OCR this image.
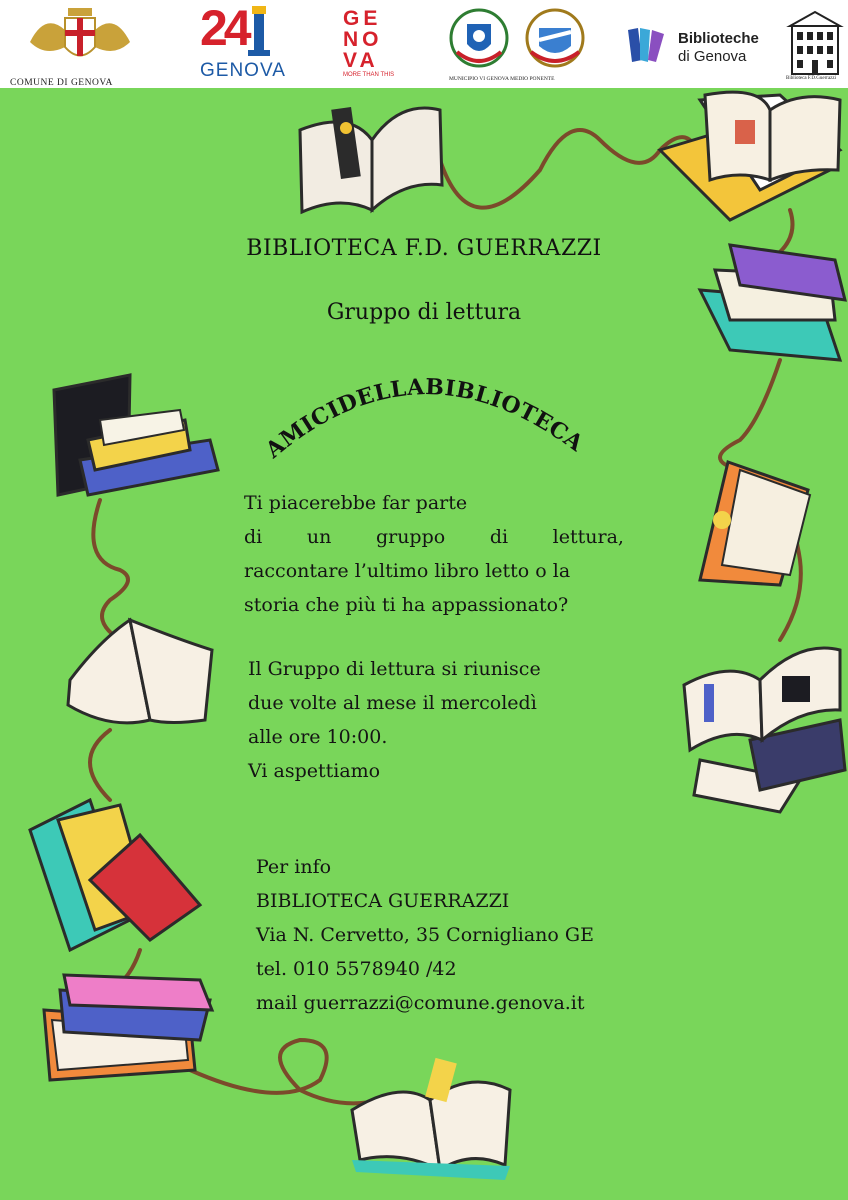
COMUNE DI GENOVA
24
GENOVA
GE
NO
VA
MORE THAN THIS
MUNICIPIO VI GENOVA MEDIO PONENTE
Biblioteche
di Genova
Biblioteca F.D.Guerrazzi
AMICIDELLABIBLIOTECA
BIBLIOTECA F.D. GUERRAZZI
Gruppo di lettura
Ti piacerebbe far parte
di un gruppo di lettura,
raccontare l’ultimo libro letto o la
storia che più ti ha appassionato?
Il Gruppo di lettura si riunisce
due volte al mese il mercoledì
alle ore 10:00.
Vi aspettiamo
Per info
BIBLIOTECA GUERRAZZI
Via N. Cervetto, 35 Cornigliano GE
tel. 010 5578940 /42
mail guerrazzi@comune.genova.it
